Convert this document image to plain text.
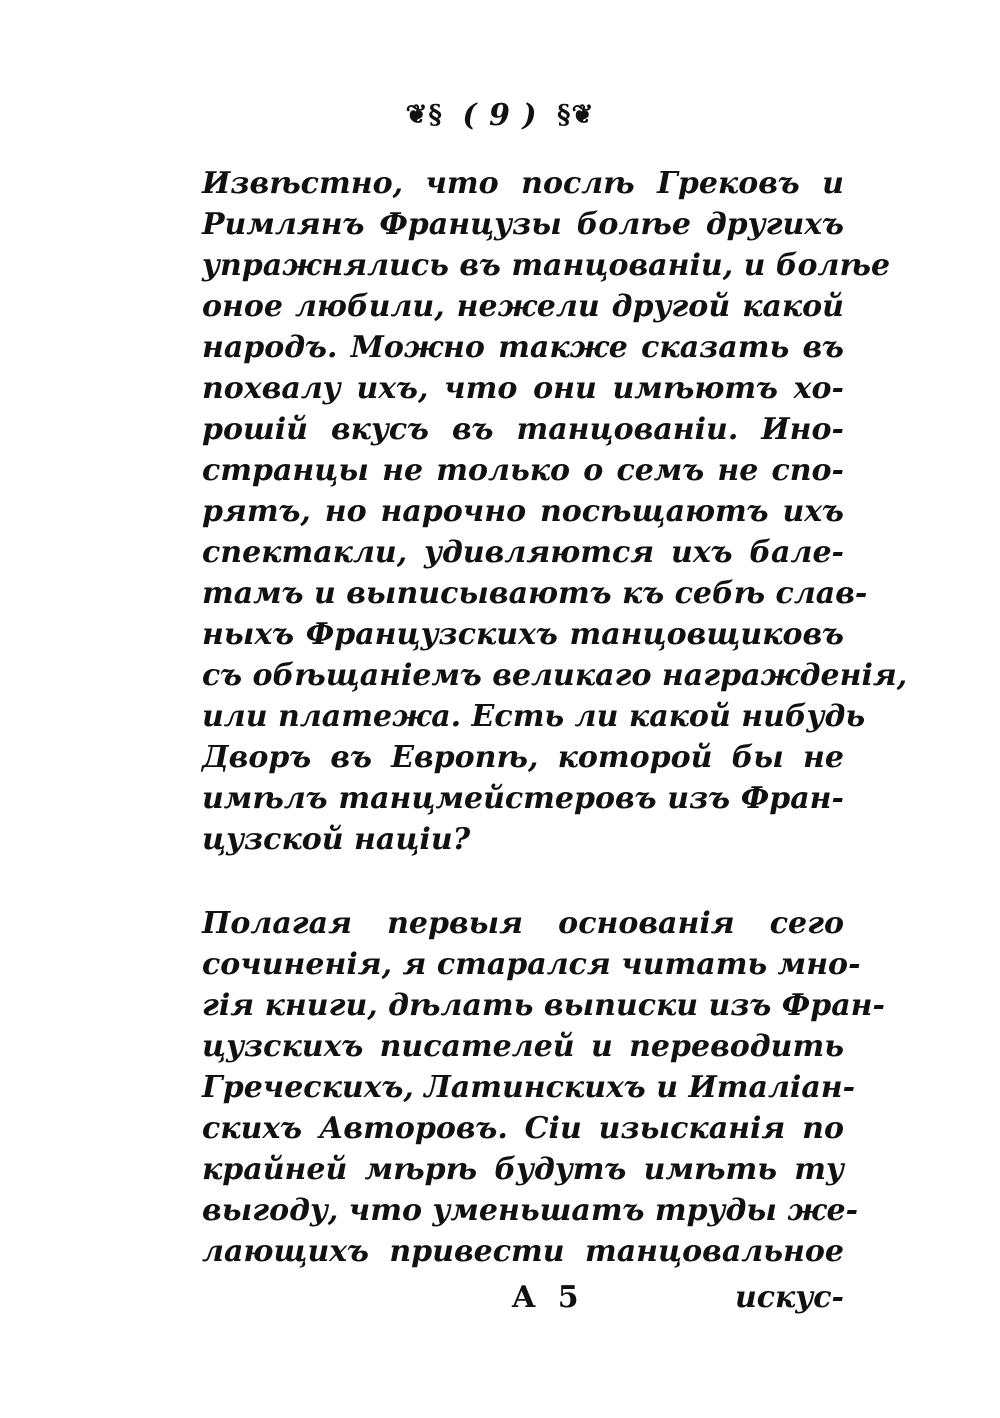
❦§ ( 9 ) §❦
Извѣстно, что послѣ Грековъ и
Римлянъ Французы болѣе другихъ
упражнялись въ танцованіи, и болѣе
оное любили, нежели другой какой
народъ. Можно также сказать въ
похвалу ихъ, что они имѣютъ хо-
рошій вкусъ въ танцованіи. Ино-
странцы не только о семъ не спо-
рятъ, но нарочно посѣщаютъ ихъ
спектакли, удивляются ихъ бале-
тамъ и выписываютъ къ себѣ слав-
ныхъ Французскихъ танцовщиковъ
съ обѣщаніемъ великаго награжденія,
или платежа. Есть ли какой нибудь
Дворъ въ Европѣ, которой бы не
имѣлъ танцмейстеровъ изъ Фран-
цузской націи?
Полагая первыя основанія сего
сочиненія, я старался читать мно-
гія книги, дѣлать выписки изъ Фран-
цузскихъ писателей и переводить
Греческихъ, Латинскихъ и Италіан-
скихъ Авторовъ. Сіи изысканія по
крайней мѣрѣ будутъ имѣть ту
выгоду, что уменьшатъ труды же-
лающихъ привести танцовальное
A 5	искус-
